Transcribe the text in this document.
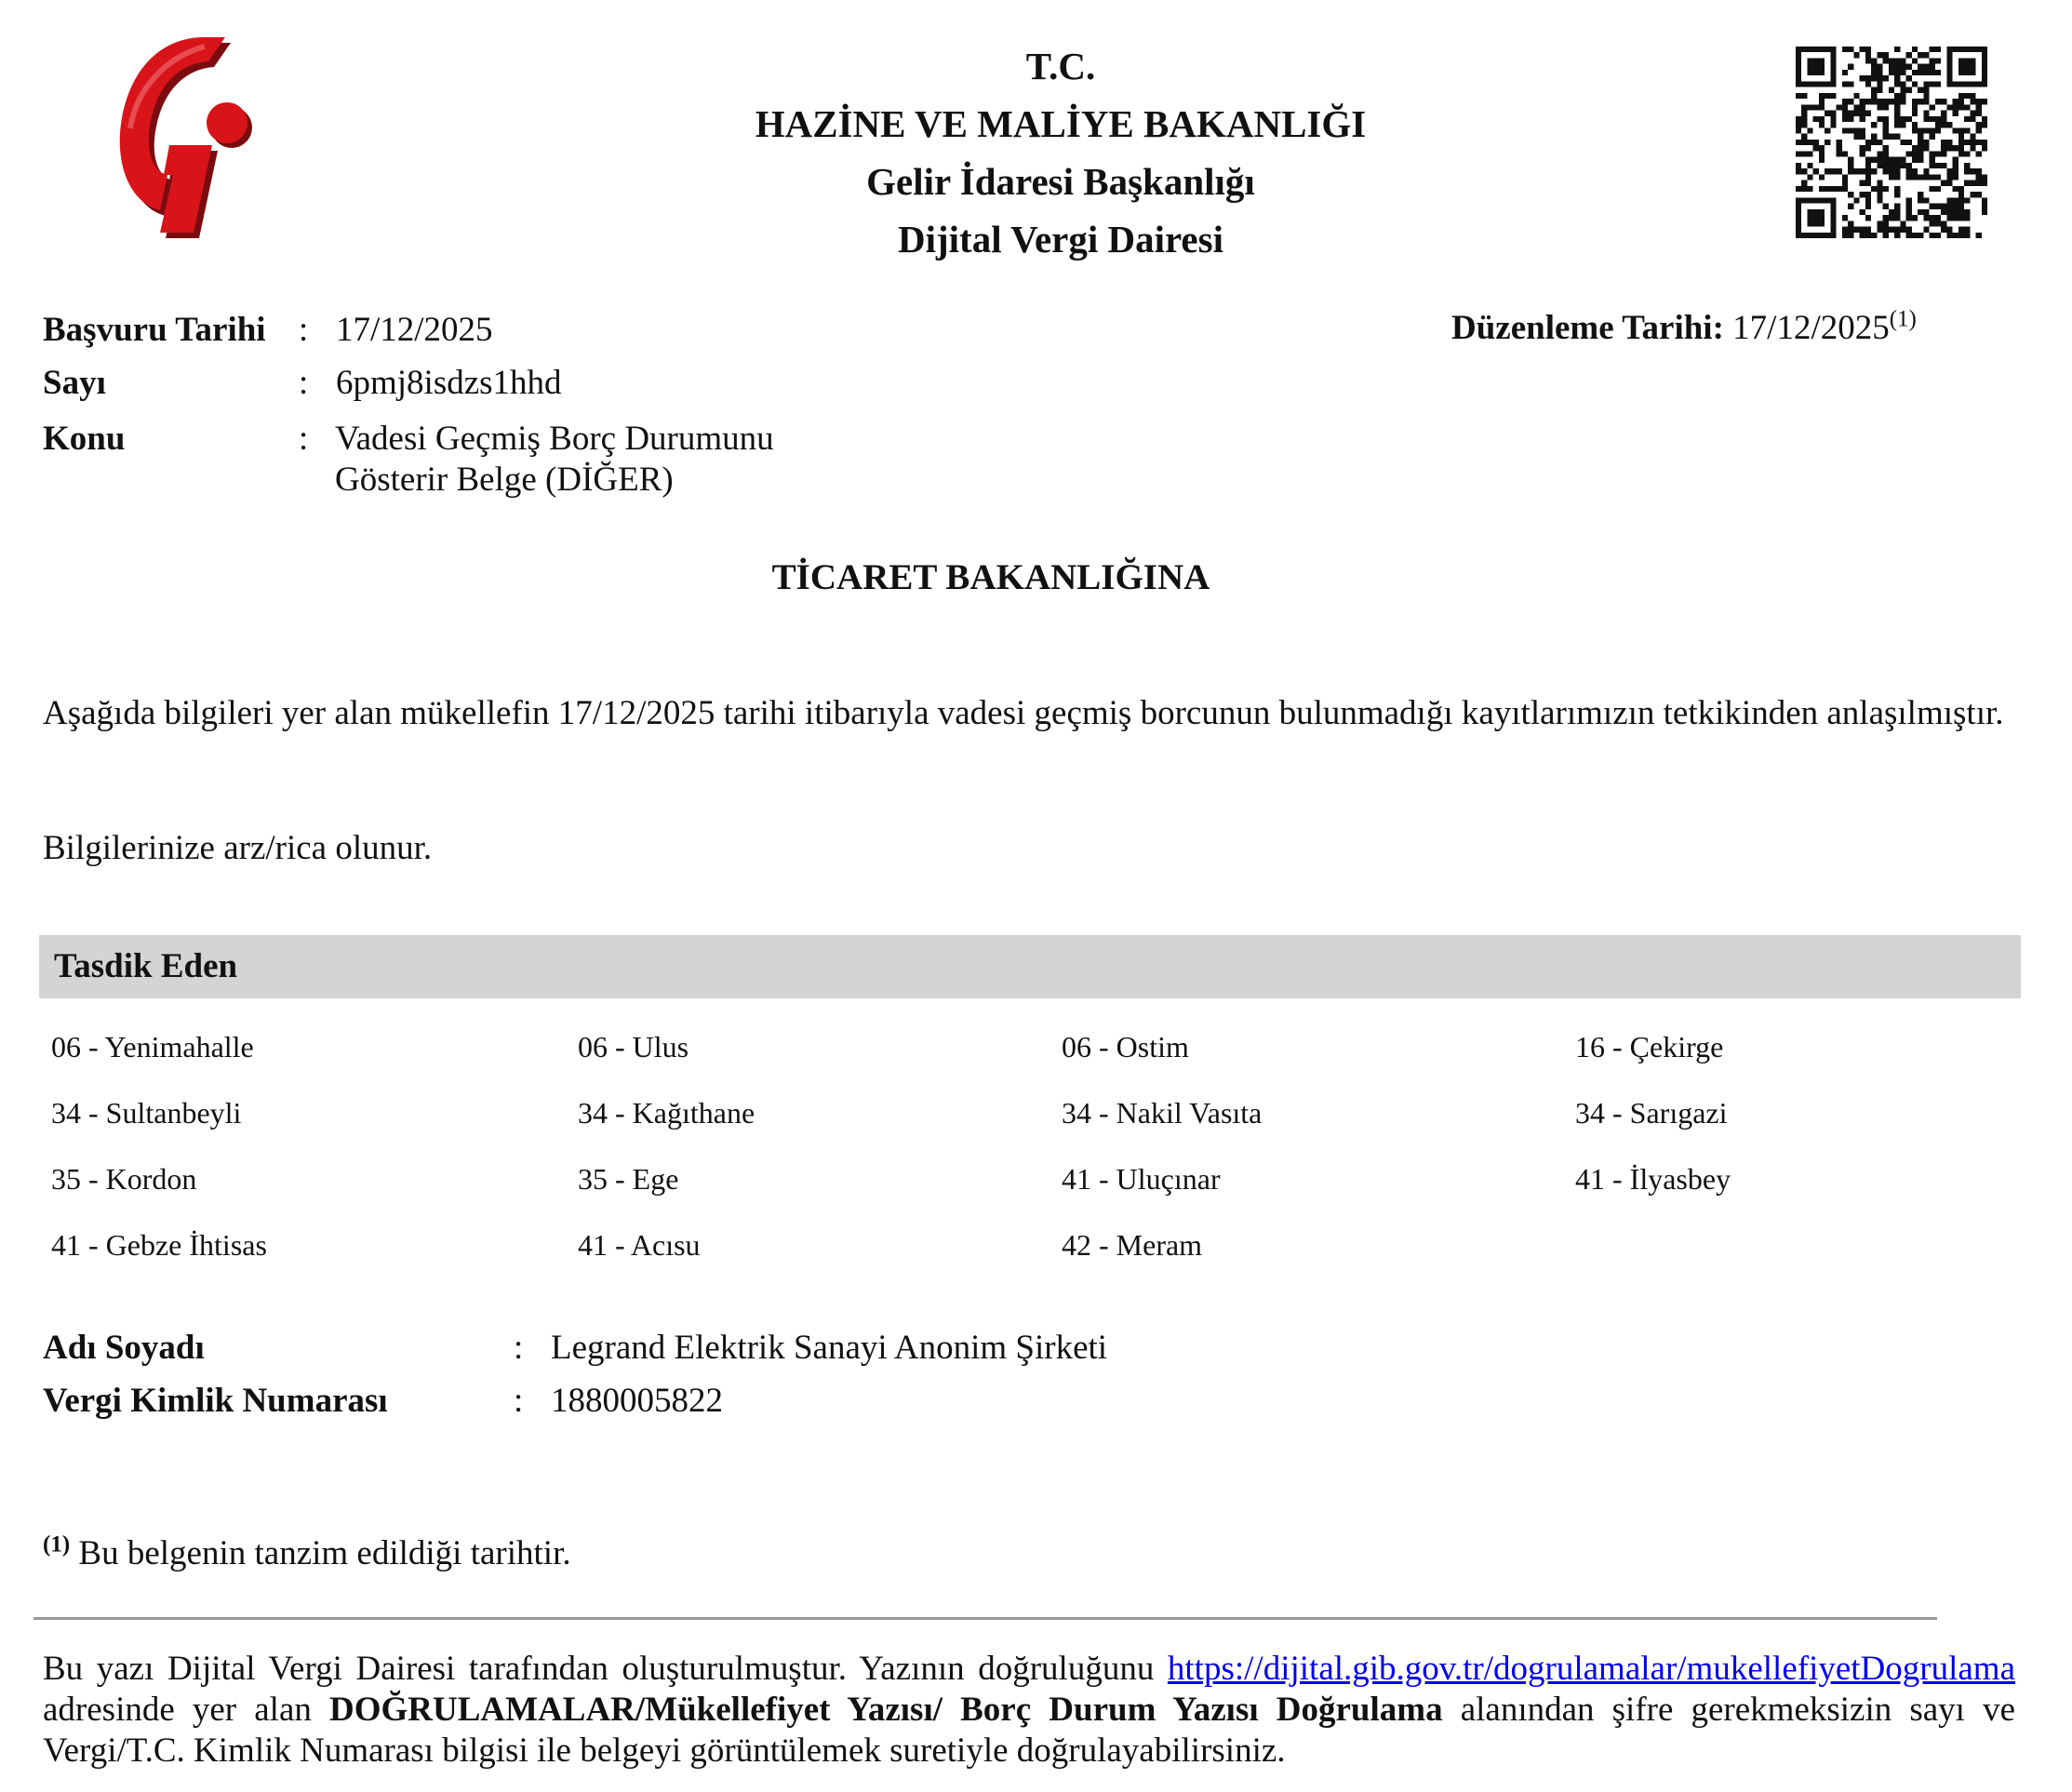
T.C.
HAZİNE VE MALİYE BAKANLIĞI
Gelir İdaresi Başkanlığı
Dijital Vergi Dairesi
Başvuru Tarihi : 17/12/2025
Sayı	: 6pmj8isdzs1hhd
Konu	: Vadesi Geçmiş Borç Durumunu
Gösterir Belge (DİĞER)
Düzenleme Tarihi: 17/12/2025$^{(1)}$
TİCARET BAKANLIĞINA
Aşağıda bilgileri yer alan mükellefin 17/12/2025 tarihi itibarıyla vadesi geçmiş borcunun bulunmadığı kayıtlarımızın tetkikinden anlaşılmıştır.
Bilgilerinize arz/rica olunur.
Tasdik Eden
06 - Yenimahalle	06 - Ulus	06 - Ostim	16 - Çekirge
34 - Sultanbeyli	34 - Kağıthane	34 - Nakil Vasıta	34 - Sarıgazi
35 - Kordon	35 - Ege	41 - Uluçınar	41 - İlyasbey
41 - Gebze İhtisas	41 - Acısu	42 - Meram
Adı Soyadı	: Legrand Elektrik Sanayi Anonim Şirketi
Vergi Kimlik Numarası	: 1880005822
$^{(1)}$ Bu belgenin tanzim edildiği tarihtir.
Bu yazı Dijital Vergi Dairesi tarafından oluşturulmuştur. Yazının doğruluğunu https://dijital.gib.gov.tr/dogrulamalar/mukellefiyetDogrulama adresinde yer alan DOĞRULAMALAR/Mükellefiyet Yazısı/ Borç Durum Yazısı Doğrulama alanından şifre gerekmeksizin sayı ve Vergi/T.C. Kimlik Numarası bilgisi ile belgeyi görüntülemek suretiyle doğrulayabilirsiniz.
